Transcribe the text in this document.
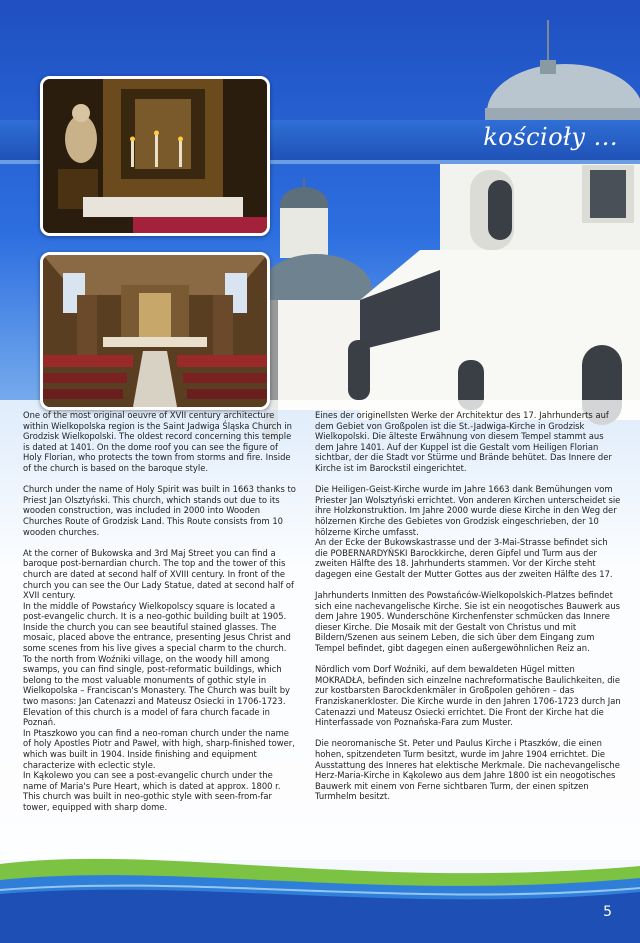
kościoły ...

One of the most original oeuvre of XVII century architecture within Wielkopolska region is the Saint Jadwiga Śląska Church in Grodzisk Wielkopolski. The oldest record concerning this temple is dated at 1401. On the dome roof you can see the figure of Holy Florian, who protects the town from storms and fire. Inside of the church is based on the baroque style.

Church under the name of Holy Spirit was built in 1663 thanks to Priest Jan Olsztyński. This church, which stands out due to its wooden construction, was included in 2000 into Wooden Churches Route of Grodzisk Land. This Route consists from 10 wooden churches.

At the corner of Bukowska and 3rd Maj Street you can find a baroque post-bernardian church. The top and the tower of this church are dated at second half of XVIII century. In front of the church you can see the Our Lady Statue, dated at second half of XVII century.

In the middle of Powstańcy Wielkopolscy square is located a post-evangelic church. It is a neo-gothic building built at 1905. Inside the church you can see beautiful stained glasses. The mosaic, placed above the entrance, presenting Jesus Christ and some scenes from his live gives a special charm to the church.

To the north from Woźniki village, on the woody hill among swamps, you can find single, post-reformatic buildings, which belong to the most valuable monuments of gothic style in Wielkopolska – Franciscan's Monastery. The Church was built by two masons: Jan Catenazzi and Mateusz Osiecki in 1706-1723. Elevation of this church is a model of fara church facade in Poznań.

In Ptaszkowo you can find a neo-roman church under the name of holy Apostles Piotr and Paweł, with high, sharp-finished tower, which was built in 1904. Inside finishing and equipment characterize with eclectic style.

In Kąkolewo you can see a post-evangelic church under the name of Maria's Pure Heart, which is dated at approx. 1800 r. This church was built in neo-gothic style with seen-from-far tower, equipped with sharp dome.

Eines der originellsten Werke der Architektur des 17. Jahrhunderts auf dem Gebiet von Großpolen ist die St.-Jadwiga-Kirche in Grodzisk Wielkopolski. Die älteste Erwähnung von diesem Tempel stammt aus dem Jahre 1401. Auf der Kuppel ist die Gestalt vom Heiligen Florian sichtbar, der die Stadt vor Stürme und Brände behütet. Das Innere der Kirche ist im Barockstil eingerichtet.

Die Heiligen-Geist-Kirche wurde im Jahre 1663 dank Bemühungen vom Priester Jan Wolsztyński errichtet. Von anderen Kirchen unterscheidet sie ihre Holzkonstruktion. Im Jahre 2000 wurde diese Kirche in den Weg der hölzernen Kirche des Gebietes von Grodzisk eingeschrieben, der 10 hölzerne Kirche umfasst.

An der Ecke der Bukowskastrasse und der 3-Mai-Strasse befindet sich die POBERNARDYŃSKI Barockkirche, deren Gipfel und Turm aus der zweiten Hälfte des 18. Jahrhunderts stammen. Vor der Kirche steht dagegen eine Gestalt der Mutter Gottes aus der zweiten Hälfte des 17.

Jahrhunderts Inmitten des Powstańców-Wielkopolskich-Platzes befindet sich eine nachevangelische Kirche. Sie ist ein neogotisches Bauwerk aus dem Jahre 1905. Wunderschöne Kirchenfenster schmücken das Innere dieser Kirche. Die Mosaik mit der Gestalt von Christus und mit Bildern/Szenen aus seinem Leben, die sich über dem Eingang zum Tempel befindet, gibt dagegen einen außergewöhnlichen Reiz an.

Nördlich vom Dorf Woźniki, auf dem bewaldeten Hügel mitten MOKRADŁA, befinden sich einzelne nachreformatische Baulichkeiten, die zur kostbarsten Barockdenkmäler in Großpolen gehören – das Franziskanerkloster. Die Kirche wurde in den Jahren 1706-1723 durch Jan Catenazzi und Mateusz Osiecki errichtet. Die Front der Kirche hat die Hinterfassade von Poznańska-Fara zum Muster.

Die neoromanische St. Peter und Paulus Kirche i Ptaszków, die einen hohen, spitzendeten Turm besitzt, wurde im Jahre 1904 errichtet. Die Ausstattung des Inneres hat elektische Merkmale. Die nachevangelische Herz-Maria-Kirche in Kąkolewo aus dem Jahre 1800 ist ein neogotisches Bauwerk mit einem von Ferne sichtbaren Turm, der einen spitzen Turmhelm besitzt.

5
